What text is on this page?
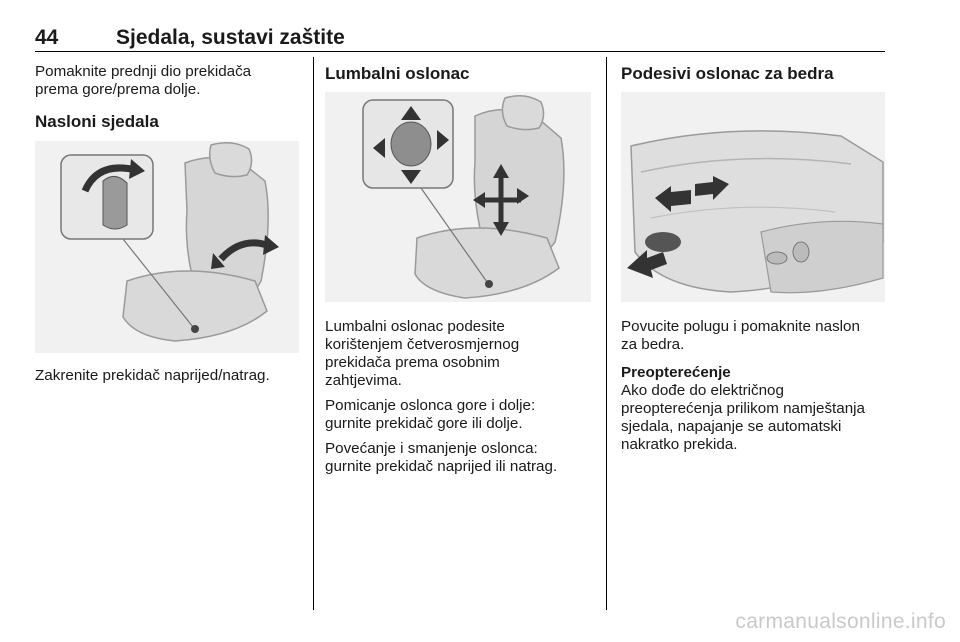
44	Sjedala, sustavi zaštite
Pomaknite prednji dio prekidača
prema gore/prema dolje.
Nasloni sjedala
Zakrenite prekidač naprijed/natrag.
Lumbalni oslonac
Lumbalni oslonac podesite
korištenjem četverosmjernog
prekidača prema osobnim
zahtjevima.
Pomicanje oslonca gore i dolje:
gurnite prekidač gore ili dolje.
Povećanje i smanjenje oslonca:
gurnite prekidač naprijed ili natrag.
Podesivi oslonac za bedra
Povucite polugu i pomaknite naslon
za bedra.
Preopterećenje
Ako dođe do električnog
preopterećenja prilikom namještanja
sjedala, napajanje se automatski
nakratko prekida.
carmanualsonline.info
